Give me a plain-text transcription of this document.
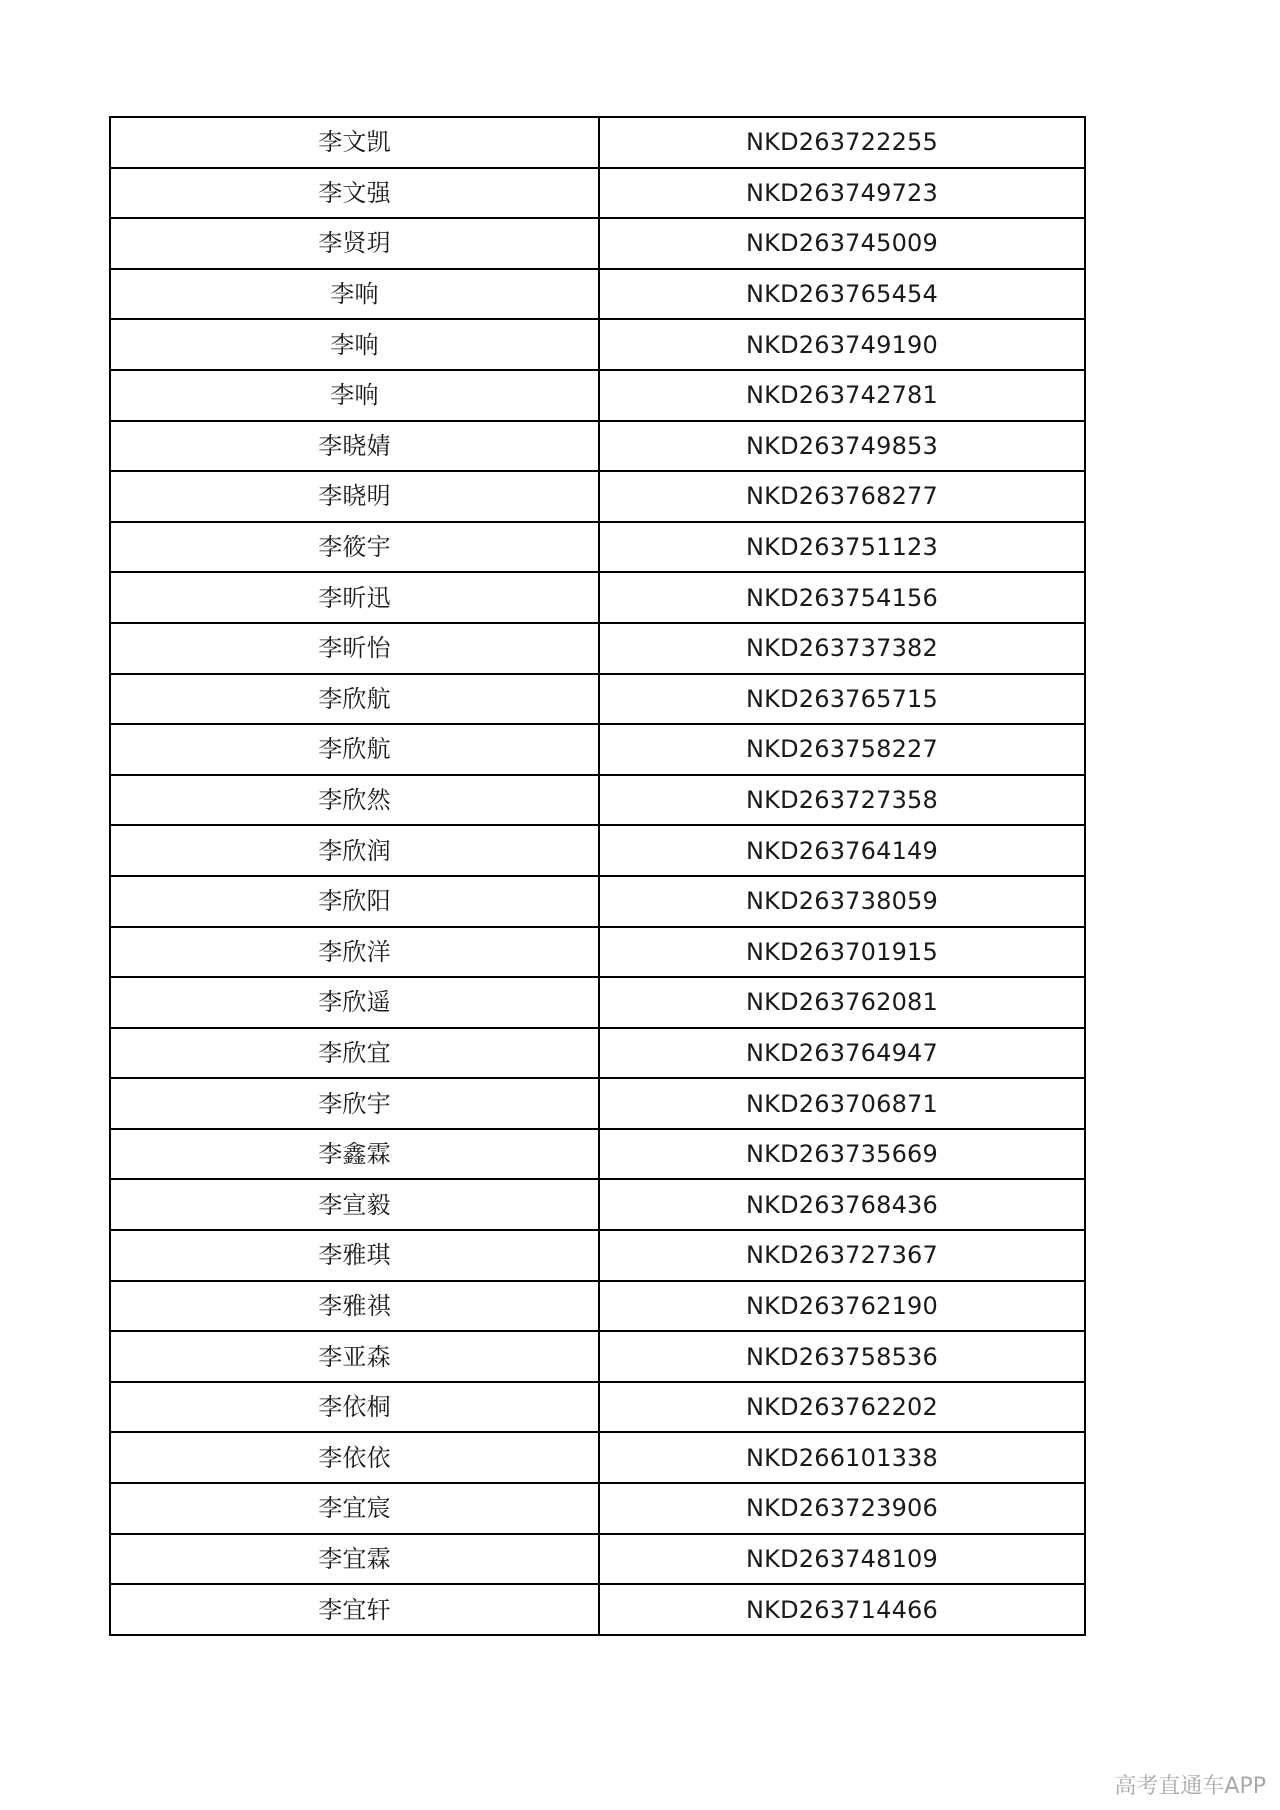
李文凯	NKD263722255
李文强	NKD263749723
李贤玥	NKD263745009
李响	NKD263765454
李响	NKD263749190
李响	NKD263742781
李晓婧	NKD263749853
李晓明	NKD263768277
李筱宇	NKD263751123
李昕迅	NKD263754156
李昕怡	NKD263737382
李欣航	NKD263765715
李欣航	NKD263758227
李欣然	NKD263727358
李欣润	NKD263764149
李欣阳	NKD263738059
李欣洋	NKD263701915
李欣遥	NKD263762081
李欣宜	NKD263764947
李欣宇	NKD263706871
李鑫霖	NKD263735669
李宣毅	NKD263768436
李雅琪	NKD263727367
李雅祺	NKD263762190
李亚森	NKD263758536
李依桐	NKD263762202
李依依	NKD266101338
李宜宸	NKD263723906
李宜霖	NKD263748109
李宜轩	NKD263714466
高考直通车APP
